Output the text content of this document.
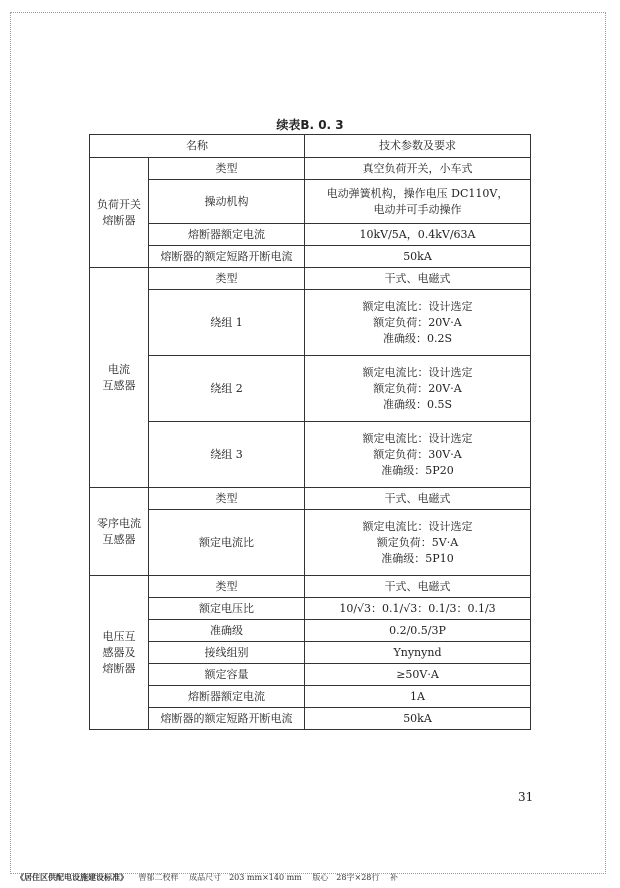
续表B. 0. 3
名称		技术参数及要求
负荷开关
熔断器	类型	真空负荷开关，小车式

	操动机构	电动弹簧机构，操作电压 DC110V，
电动并可手动操作

	熔断器额定电流	10kV/5A，0.4kV/63A

	熔断器的额定短路开断电流	50kA

电流
互感器	类型	干式、电磁式

	绕组 1	额定电流比：设计选定
额定负荷：20V·A
准确级：0.2S

	绕组 2	额定电流比：设计选定
额定负荷：20V·A
准确级：0.5S

	绕组 3	额定电流比：设计选定
额定负荷：30V·A
准确级：5P20

零序电流
互感器	类型	干式、电磁式

	额定电流比	额定电流比：设计选定
额定负荷：5V·A
准确级：5P10

电压互
感器及
熔断器	类型	干式、电磁式

	额定电压比	10/√3：0.1/√3：0.1/3：0.1/3

	准确级	0.2/0.5/3P

	接线组别	Ynynynd

	额定容量	≥50V·A

	熔断器额定电流	1A

	熔断器的额定短路开断电流	50kA
31
《居住区供配电设施建设标准》 曾郁二校样 成品尺寸　203 mm×140 mm 版心　28字×28行 补
